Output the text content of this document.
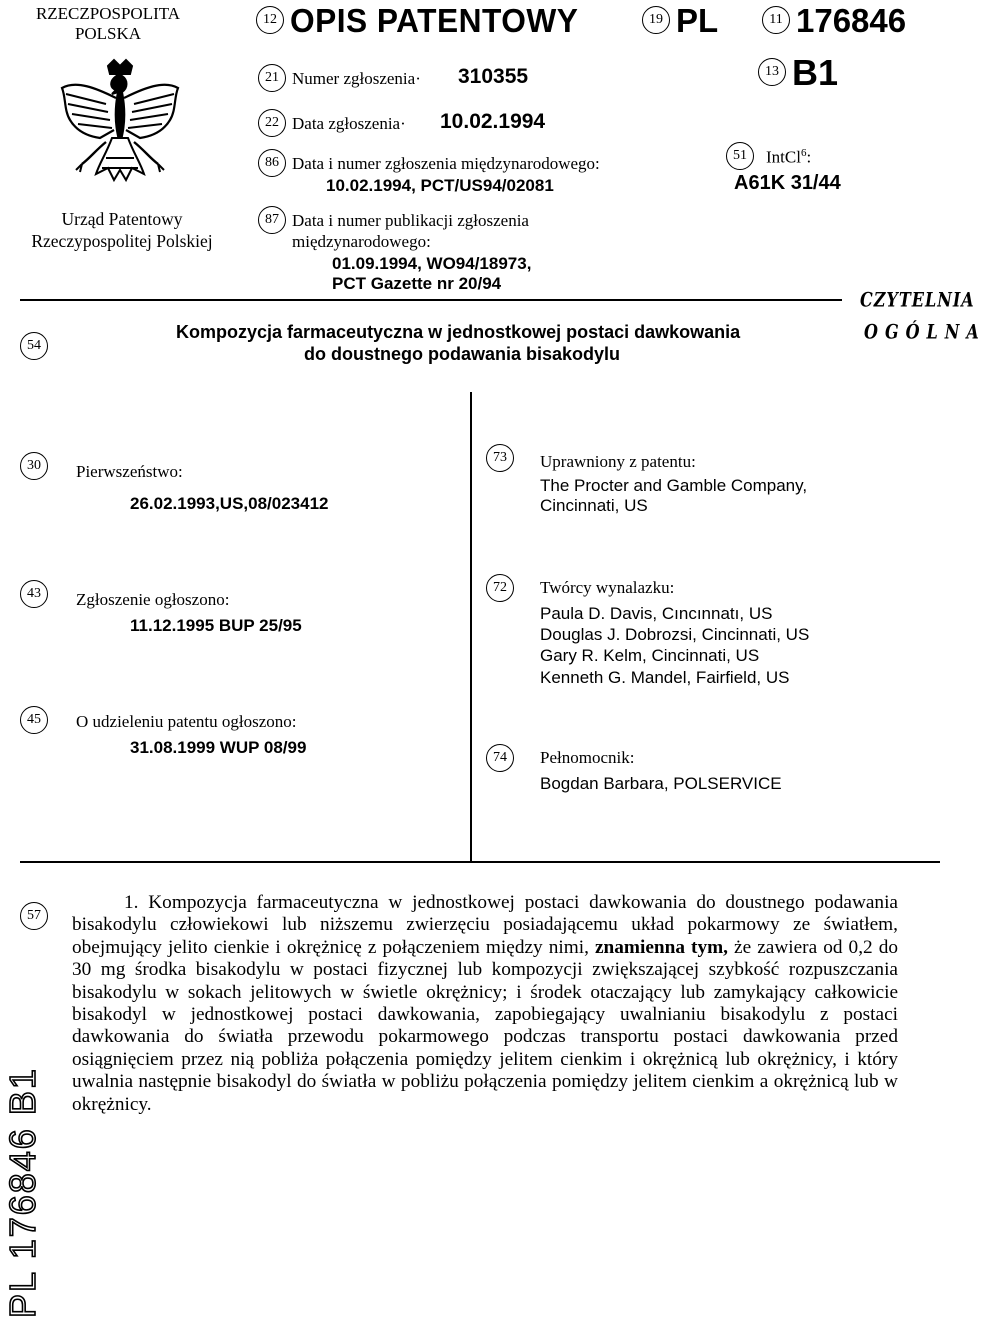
RZECZPOSPOLITA POLSKA
Urząd Patentowy Rzeczypospolitej Polskiej
12 OPIS PATENTOWY	19 PL	11 176846
13 B1
21 Numer zgłoszenia· 310355
22 Data zgłoszenia· 10.02.1994
86 Data i numer zgłoszenia międzynarodowego:
10.02.1994, PCT/US94/02081
87 Data i numer publikacji zgłoszenia
międzynarodowego:
01.09.1994, WO94/18973,
PCT Gazette nr 20/94
51	IntCl$^6$:
A61K 31/44
CZYTELNIA
OGÓLNA
54
Kompozycja farmaceutyczna w jednostkowej postaci dawkowania
do doustnego podawania bisakodylu
30	Pierwszeństwo:
26.02.1993,US,08/023412
43	Zgłoszenie ogłoszono:
11.12.1995 BUP 25/95
45	O udzieleniu patentu ogłoszono:
31.08.1999 WUP 08/99
73	Uprawniony z patentu:
The Procter and Gamble Company,
Cincinnati, US
72	Twórcy wynalazku:
Paula D. Davis, Cıncınnatı, US
Douglas J. Dobrozsi, Cincinnati, US
Gary R. Kelm, Cincinnati, US
Kenneth G. Mandel, Fairfield, US
74	Pełnomocnik:
Bogdan Barbara, POLSERVICE
57

1. Kompozycja farmaceutyczna w jednostkowej postaci dawkowania do doustnego podawania bisakodylu człowiekowi lub niższemu zwierzęciu posiadającemu układ pokarmowy ze światłem, obejmujący jelito cienkie i okrężnicę z połączeniem między nimi, znamienna tym, że zawiera od 0,2 do 30 mg środka bisakodylu w postaci fizycznej lub kompozycji zwiększającej szybkość rozpuszczania bisakodylu w sokach jelitowych w świetle okrężnicy; i środek otaczający lub zamykający całkowicie bisakodyl w jednostkowej postaci dawkowania, zapobiegający uwalnianiu bisakodylu z postaci dawkowania do światła przewodu pokarmowego podczas transportu postaci dawkowania przed osiągnięciem przez nią pobliża połączenia pomiędzy jelitem cienkim i okrężnicą lub okrężnicy, i który uwalnia następnie bisakodyl do światła w pobliżu połączenia pomiędzy jelitem cienkim a okrężnicą lub w okrężnicy.

PL 176846 B1
